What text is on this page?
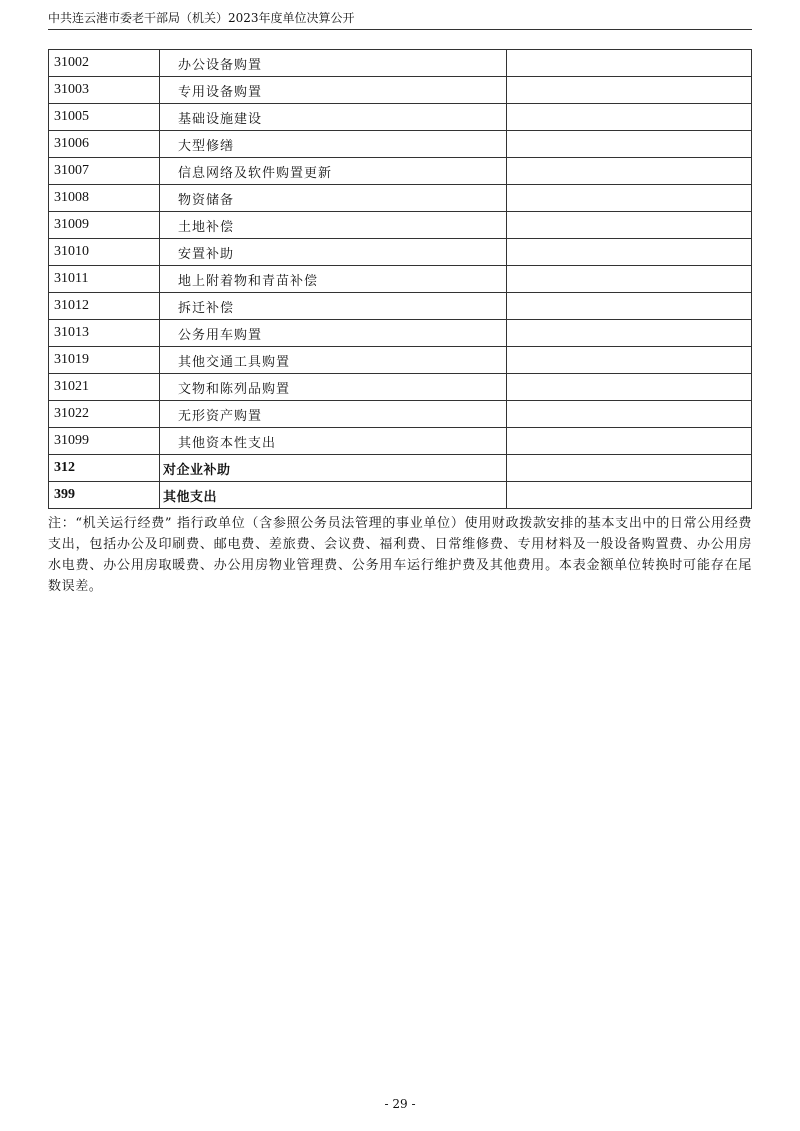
中共连云港市委老干部局（机关）2023年度单位决算公开
31002	办公设备购置	
31003	专用设备购置	
31005	基础设施建设	
31006	大型修缮	
31007	信息网络及软件购置更新	
31008	物资储备	
31009	土地补偿	
31010	安置补助	
31011	地上附着物和青苗补偿	
31012	拆迁补偿	
31013	公务用车购置	
31019	其他交通工具购置	
31021	文物和陈列品购置	
31022	无形资产购置	
31099	其他资本性支出	
312	对企业补助	
399	其他支出	
注：“机关运行经费” 指行政单位（含参照公务员法管理的事业单位）使用财政拨款安排的基本支出中的日常公用经费支出，包括办公及印刷费、邮电费、差旅费、会议费、福利费、日常维修费、专用材料及一般设备购置费、办公用房水电费、办公用房取暖费、办公用房物业管理费、公务用车运行维护费及其他费用。本表金额单位转换时可能存在尾数误差。
- 29 -
